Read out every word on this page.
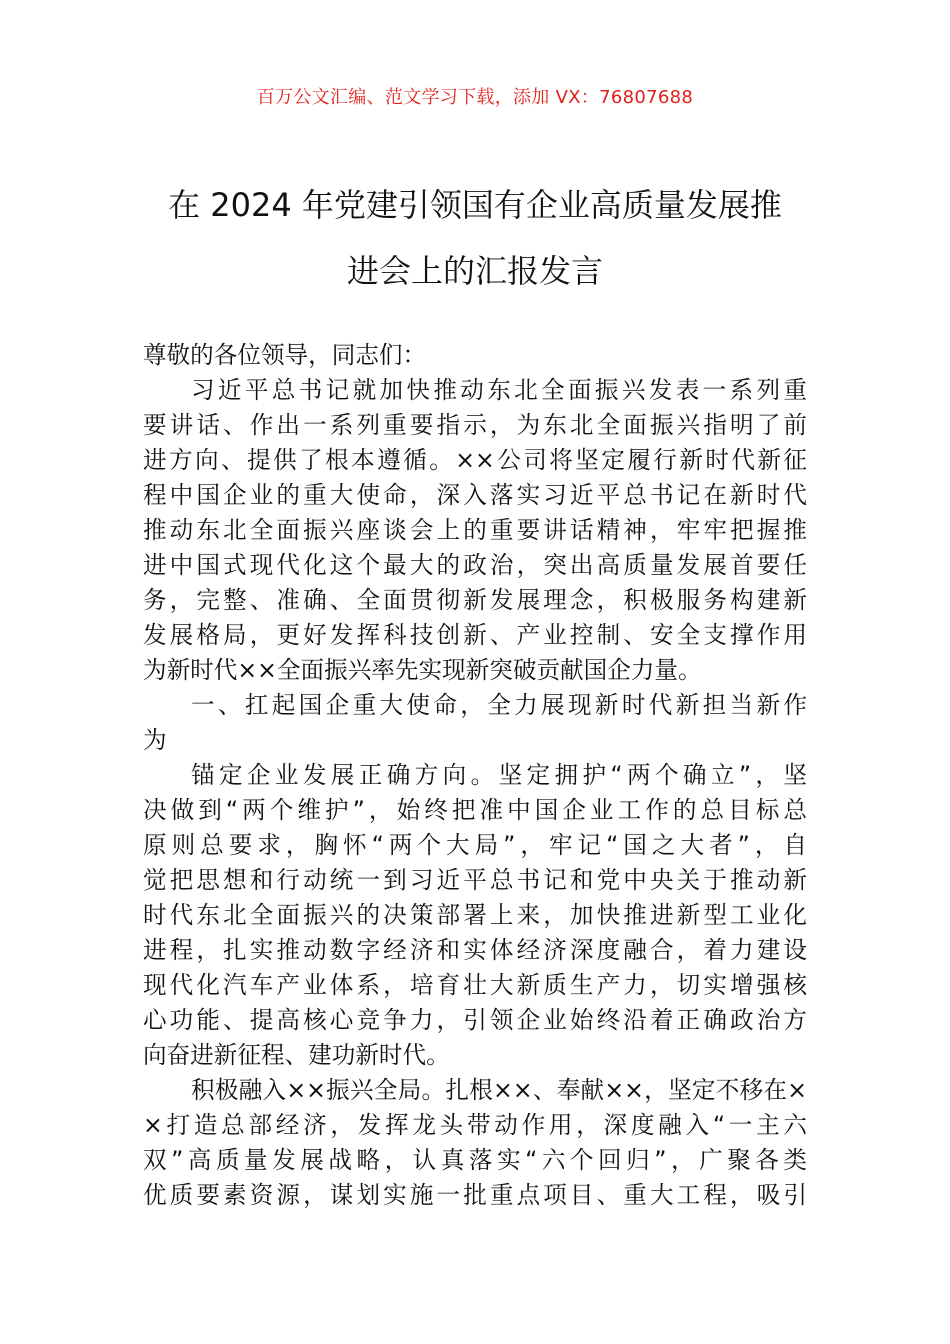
百万公文汇编、范文学习下载，添加 VX：76807688
在 2024 年党建引领国有企业高质量发展推
进会上的汇报发言
尊敬的各位领导，同志们：
习近平总书记就加快推动东北全面振兴发表一系列重
要讲话、作出一系列重要指示，为东北全面振兴指明了前
进方向、提供了根本遵循。××公司将坚定履行新时代新征
程中国企业的重大使命，深入落实习近平总书记在新时代
推动东北全面振兴座谈会上的重要讲话精神，牢牢把握推
进中国式现代化这个最大的政治，突出高质量发展首要任
务，完整、准确、全面贯彻新发展理念，积极服务构建新
发展格局，更好发挥科技创新、产业控制、安全支撑作用
为新时代××全面振兴率先实现新突破贡献国企力量。
一、扛起国企重大使命，全力展现新时代新担当新作
为
锚定企业发展正确方向。坚定拥护“两个确立”，坚
决做到“两个维护”，始终把准中国企业工作的总目标总
原则总要求，胸怀“两个大局”，牢记“国之大者”，自
觉把思想和行动统一到习近平总书记和党中央关于推动新
时代东北全面振兴的决策部署上来，加快推进新型工业化
进程，扎实推动数字经济和实体经济深度融合，着力建设
现代化汽车产业体系，培育壮大新质生产力，切实增强核
心功能、提高核心竞争力，引领企业始终沿着正确政治方
向奋进新征程、建功新时代。
积极融入××振兴全局。扎根××、奉献××，坚定不移在×
×打造总部经济，发挥龙头带动作用，深度融入“一主六
双”高质量发展战略，认真落实“六个回归”，广聚各类
优质要素资源，谋划实施一批重点项目、重大工程，吸引
